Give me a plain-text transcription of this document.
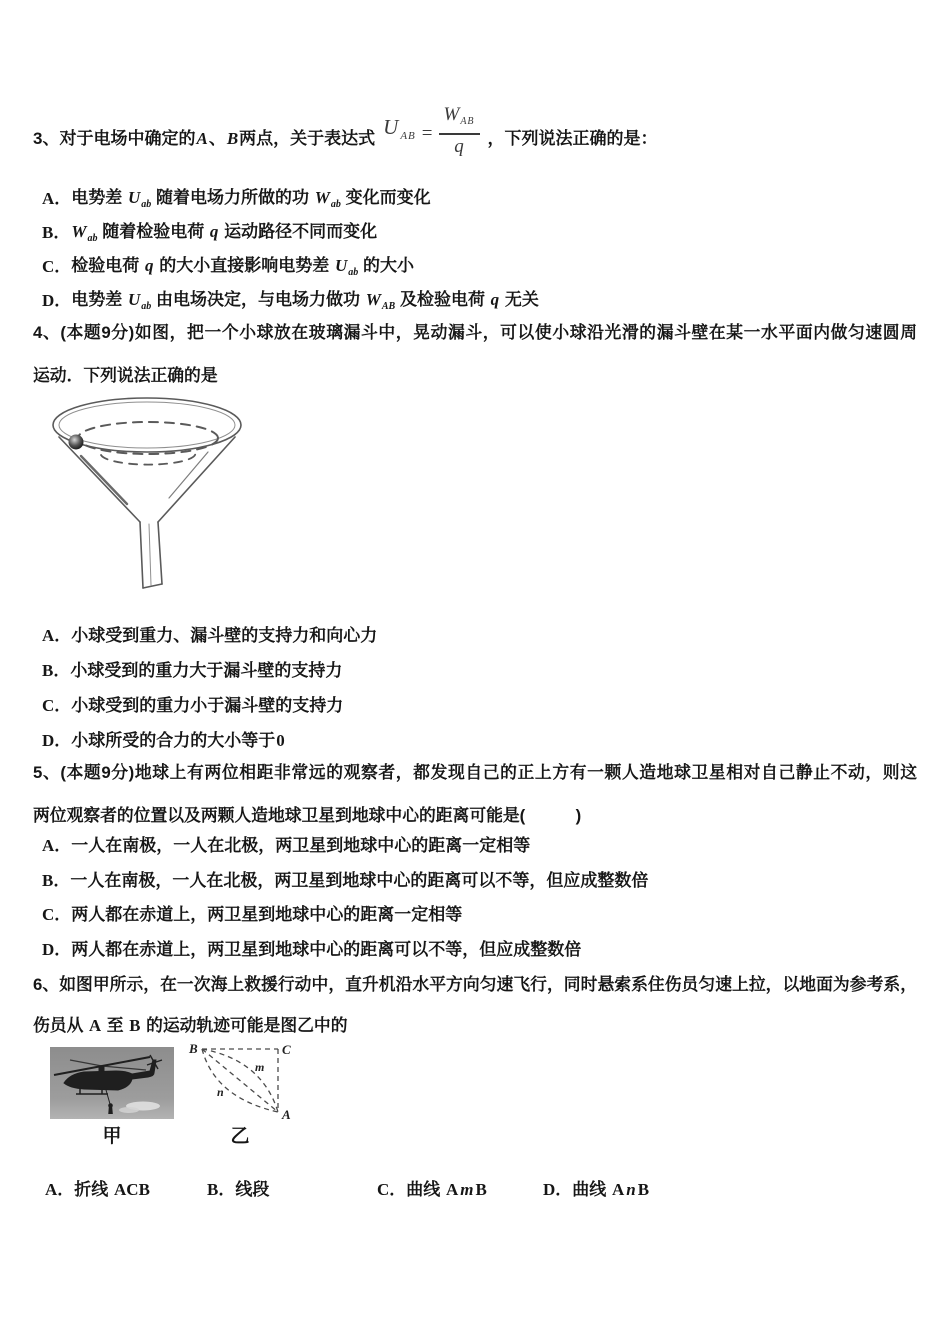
3、对于电场中确定的A、B两点，关于表达式 U $_{AB} = \frac{W_{AB}}{q}$ ，下列说法正确的是：
A． 电势差 $U_{ab}$ 随着电场力所做的功 $W_{ab}$ 变化而变化
B． $W_{ab}$ 随着检验电荷 q 运动路径不同而变化
C． 检验电荷 q 的大小直接影响电势差 $U_{ab}$ 的大小
D． 电势差 $U_{ab}$ 由电场决定，与电场力做功 $W_{AB}$ 及检验电荷 q 无关
4、(本题9分)如图，把一个小球放在玻璃漏斗中，晃动漏斗，可以使小球沿光滑的漏斗壁在某一水平面内做匀速圆周
运动．下列说法正确的是
A． 小球受到重力、漏斗壁的支持力和向心力
B． 小球受到的重力大于漏斗壁的支持力
C． 小球受到的重力小于漏斗壁的支持力
D． 小球所受的合力的大小等于0
5、(本题9分)地球上有两位相距非常远的观察者，都发现自己的正上方有一颗人造地球卫星相对自己静止不动，则这
两位观察者的位置以及两颗人造地球卫星到地球中心的距离可能是(　　　)
A． 一人在南极，一人在北极，两卫星到地球中心的距离一定相等
B． 一人在南极，一人在北极，两卫星到地球中心的距离可以不等，但应成整数倍
C． 两人都在赤道上，两卫星到地球中心的距离一定相等
D． 两人都在赤道上，两卫星到地球中心的距离可以不等，但应成整数倍
6、如图甲所示，在一次海上救援行动中，直升机沿水平方向匀速飞行，同时悬索系住伤员匀速上拉，以地面为参考系，
伤员从 A 至 B 的运动轨迹可能是图乙中的
甲
B	C
A
m
n
乙
A． 折线 ACB	B． 线段	C． 曲线 A m B	D． 曲线 A n B
